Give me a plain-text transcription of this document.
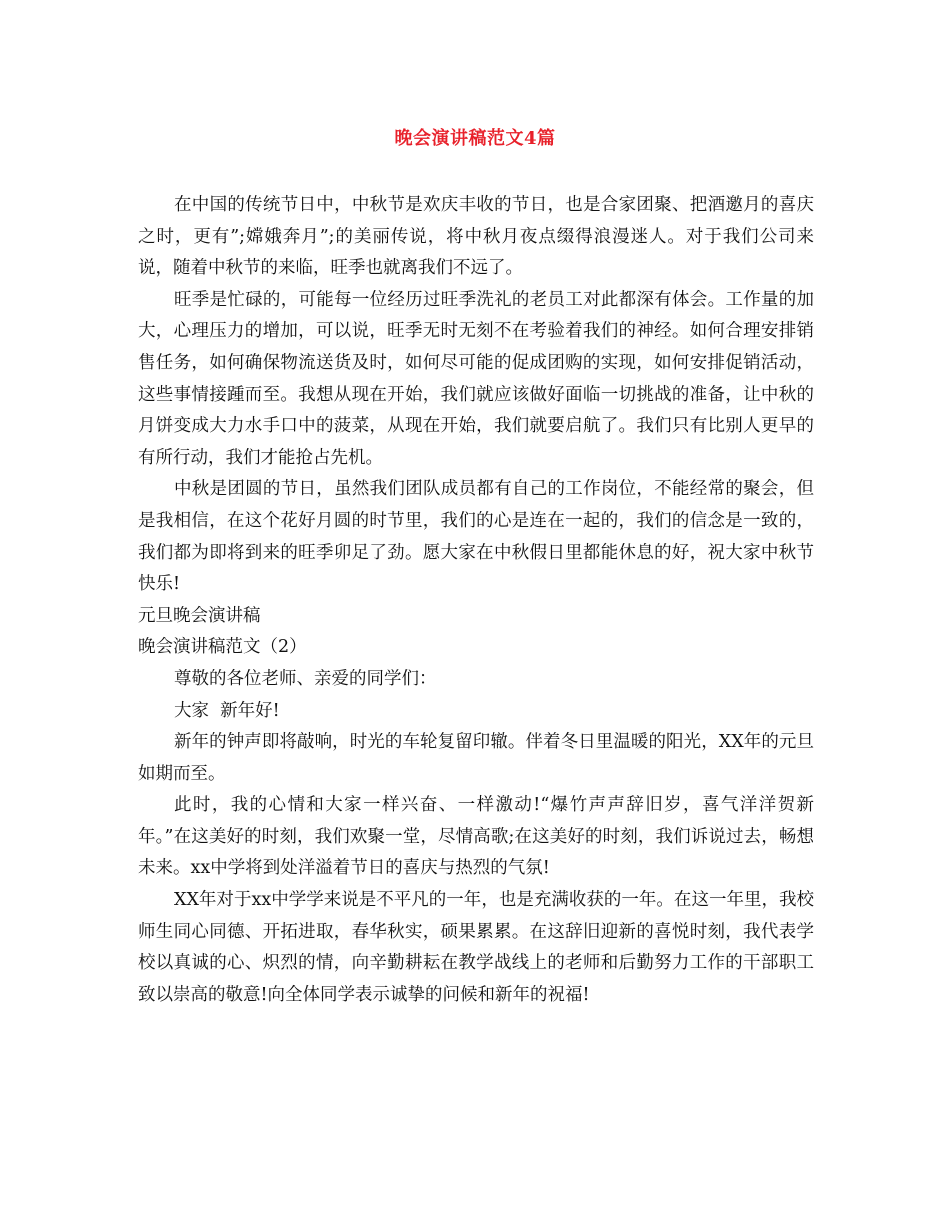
晚会演讲稿范文4篇

在中国的传统节日中，中秋节是欢庆丰收的节日，也是合家团聚、把酒邀月的喜庆之时，更有”;嫦娥奔月”;的美丽传说，将中秋月夜点缀得浪漫迷人。对于我们公司来说，随着中秋节的来临，旺季也就离我们不远了。

旺季是忙碌的，可能每一位经历过旺季洗礼的老员工对此都深有体会。工作量的加大，心理压力的增加，可以说，旺季无时无刻不在考验着我们的神经。如何合理安排销售任务，如何确保物流送货及时，如何尽可能的促成团购的实现，如何安排促销活动，这些事情接踵而至。我想从现在开始，我们就应该做好面临一切挑战的准备，让中秋的月饼变成大力水手口中的菠菜，从现在开始，我们就要启航了。我们只有比别人更早的有所行动，我们才能抢占先机。

中秋是团圆的节日，虽然我们团队成员都有自己的工作岗位，不能经常的聚会，但是我相信，在这个花好月圆的时节里，我们的心是连在一起的，我们的信念是一致的，我们都为即将到来的旺季卯足了劲。愿大家在中秋假日里都能休息的好，祝大家中秋节快乐!

元旦晚会演讲稿

晚会演讲稿范文（2）

尊敬的各位老师、亲爱的同学们：

大家  新年好!

新年的钟声即将敲响，时光的车轮复留印辙。伴着冬日里温暖的阳光，XX年的元旦如期而至。

此时，我的心情和大家一样兴奋、一样激动!“爆竹声声辞旧岁，喜气洋洋贺新年。”在这美好的时刻，我们欢聚一堂，尽情高歌;在这美好的时刻，我们诉说过去，畅想未来。xx中学将到处洋溢着节日的喜庆与热烈的气氛!

XX年对于xx中学学来说是不平凡的一年，也是充满收获的一年。在这一年里，我校师生同心同德、开拓进取，春华秋实，硕果累累。在这辞旧迎新的喜悦时刻，我代表学校以真诚的心、炽烈的情，向辛勤耕耘在教学战线上的老师和后勤努力工作的干部职工致以崇高的敬意!向全体同学表示诚挚的问候和新年的祝福!
